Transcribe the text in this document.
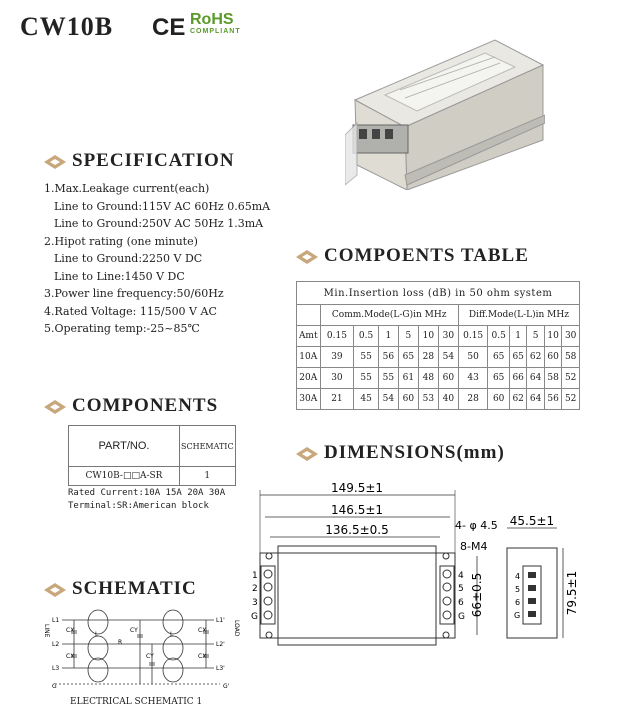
CW10B CE RoHS
COMPLIANT
SPECIFICATION
1.Max.Leakage current(each)
Line to Ground:115V AC 60Hz 0.65mA
Line to Ground:250V AC 50Hz 1.3mA
2.Hipot rating (one minute)
Line to Ground:2250 V DC
Line to Line:1450 V DC
3.Power line frequency:50/60Hz
4.Rated Voltage: 115/500 V AC
5.Operating temp:-25~85℃
COMPOENTS TABLE
Min.Insertion loss (dB) in 50 ohm system												
	Comm.Mode(L-G)in MHz						Diff.Mode(L-L)in MHz					
Amt	0.15	0.5	1	5	10	30	0.15	0.5	1	5	10	30
10A	39	55	56	65	28	54	50	65	65	62	60	58
20A	30	55	55	61	48	60	43	65	66	64	58	52
30A	21	45	54	60	53	40	28	60	62	64	56	52
COMPONENTS
PART/NO.	SCHEMATIC
CW10B-□□A-SR	1
Rated Current:10A 15A 20A 30A
Terminal:SR:American block
DIMENSIONS(mm)
149.5±1
146.5±1
136.5±0.5	4- φ 4.5
8-M4
1
2
3
G
4
5
6
G 66±0.5
45.5±1
4
5
6
G
79.5±1
SCHEMATIC
LINE	LOAD
L1
L2
L3
L1'
L2'
L3'
G	G'
L	L
CX
CX
CY
CY
CX
CX
R
ELECTRICAL SCHEMATIC 1
